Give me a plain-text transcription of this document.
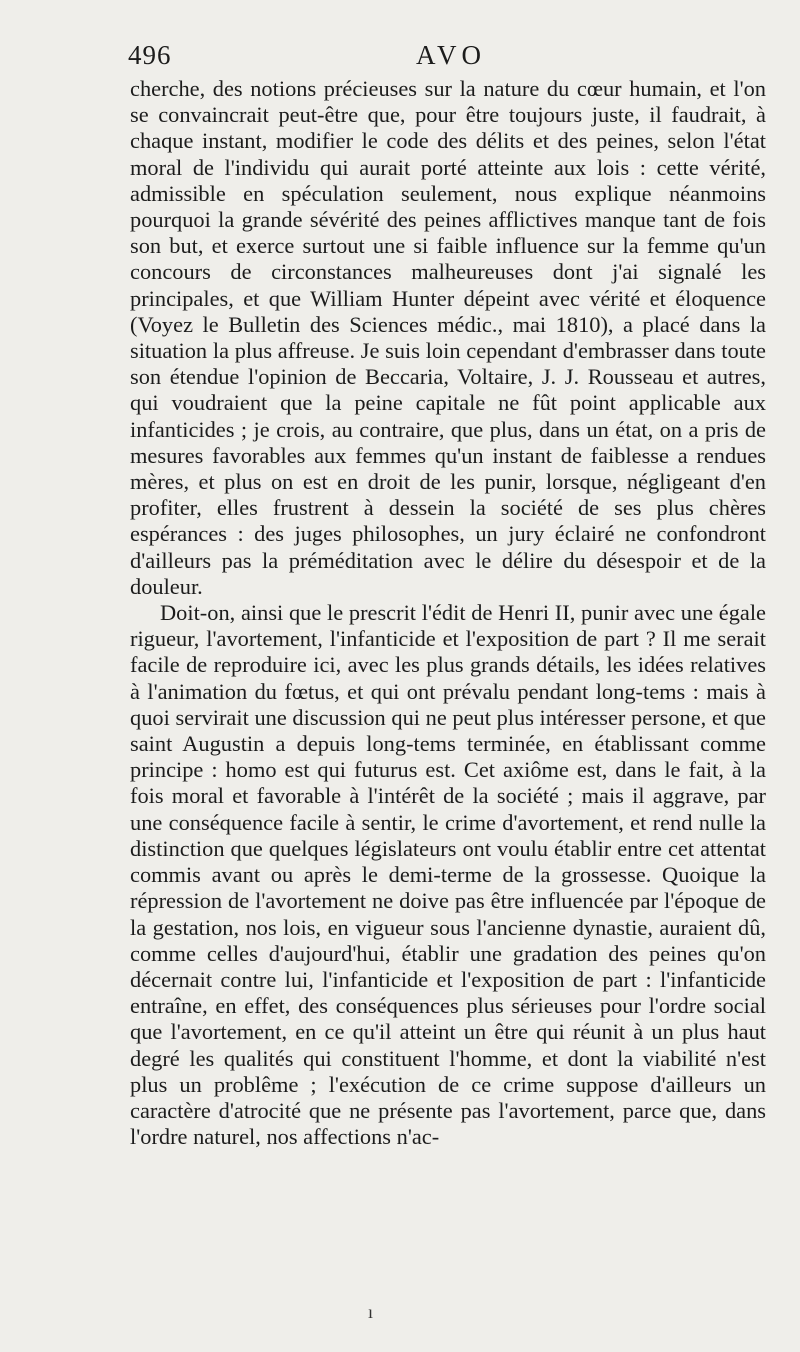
496	AVO

cherche, des notions précieuses sur la nature du cœur humain, et l'on se convaincrait peut-être que, pour être toujours juste, il faudrait, à chaque instant, modifier le code des délits et des peines, selon l'état moral de l'individu qui aurait porté atteinte aux lois : cette vérité, admissible en spéculation seulement, nous explique néanmoins pourquoi la grande sévérité des peines afflictives manque tant de fois son but, et exerce surtout une si faible influence sur la femme qu'un concours de circonstances malheureuses dont j'ai signalé les principales, et que William Hunter dépeint avec vérité et éloquence (Voyez le Bulletin des Sciences médic., mai 1810), a placé dans la situation la plus affreuse. Je suis loin cependant d'embrasser dans toute son étendue l'opinion de Beccaria, Voltaire, J. J. Rousseau et autres, qui voudraient que la peine capitale ne fût point applicable aux infanticides ; je crois, au contraire, que plus, dans un état, on a pris de mesures favorables aux femmes qu'un instant de faiblesse a rendues mères, et plus on est en droit de les punir, lorsque, négligeant d'en profiter, elles frustrent à dessein la société de ses plus chères espérances : des juges philosophes, un jury éclairé ne confondront d'ailleurs pas la préméditation avec le délire du désespoir et de la douleur.

Doit-on, ainsi que le prescrit l'édit de Henri II, punir avec une égale rigueur, l'avortement, l'infanticide et l'exposition de part ? Il me serait facile de reproduire ici, avec les plus grands détails, les idées relatives à l'animation du fœtus, et qui ont prévalu pendant long-tems : mais à quoi servirait une discussion qui ne peut plus intéresser persone, et que saint Augustin a depuis long-tems terminée, en établissant comme principe : homo est qui futurus est. Cet axiôme est, dans le fait, à la fois moral et favorable à l'intérêt de la société ; mais il aggrave, par une conséquence facile à sentir, le crime d'avortement, et rend nulle la distinction que quelques législateurs ont voulu établir entre cet attentat commis avant ou après le demi-terme de la grossesse. Quoique la répression de l'avortement ne doive pas être influencée par l'époque de la gestation, nos lois, en vigueur sous l'ancienne dynastie, auraient dû, comme celles d'aujourd'hui, établir une gradation des peines qu'on décernait contre lui, l'infanticide et l'exposition de part : l'infanticide entraîne, en effet, des conséquences plus sérieuses pour l'ordre social que l'avortement, en ce qu'il atteint un être qui réunit à un plus haut degré les qualités qui constituent l'homme, et dont la viabilité n'est plus un problême ; l'exécution de ce crime suppose d'ailleurs un caractère d'atrocité que ne présente pas l'avortement, parce que, dans l'ordre naturel, nos affections n'ac-

ı
